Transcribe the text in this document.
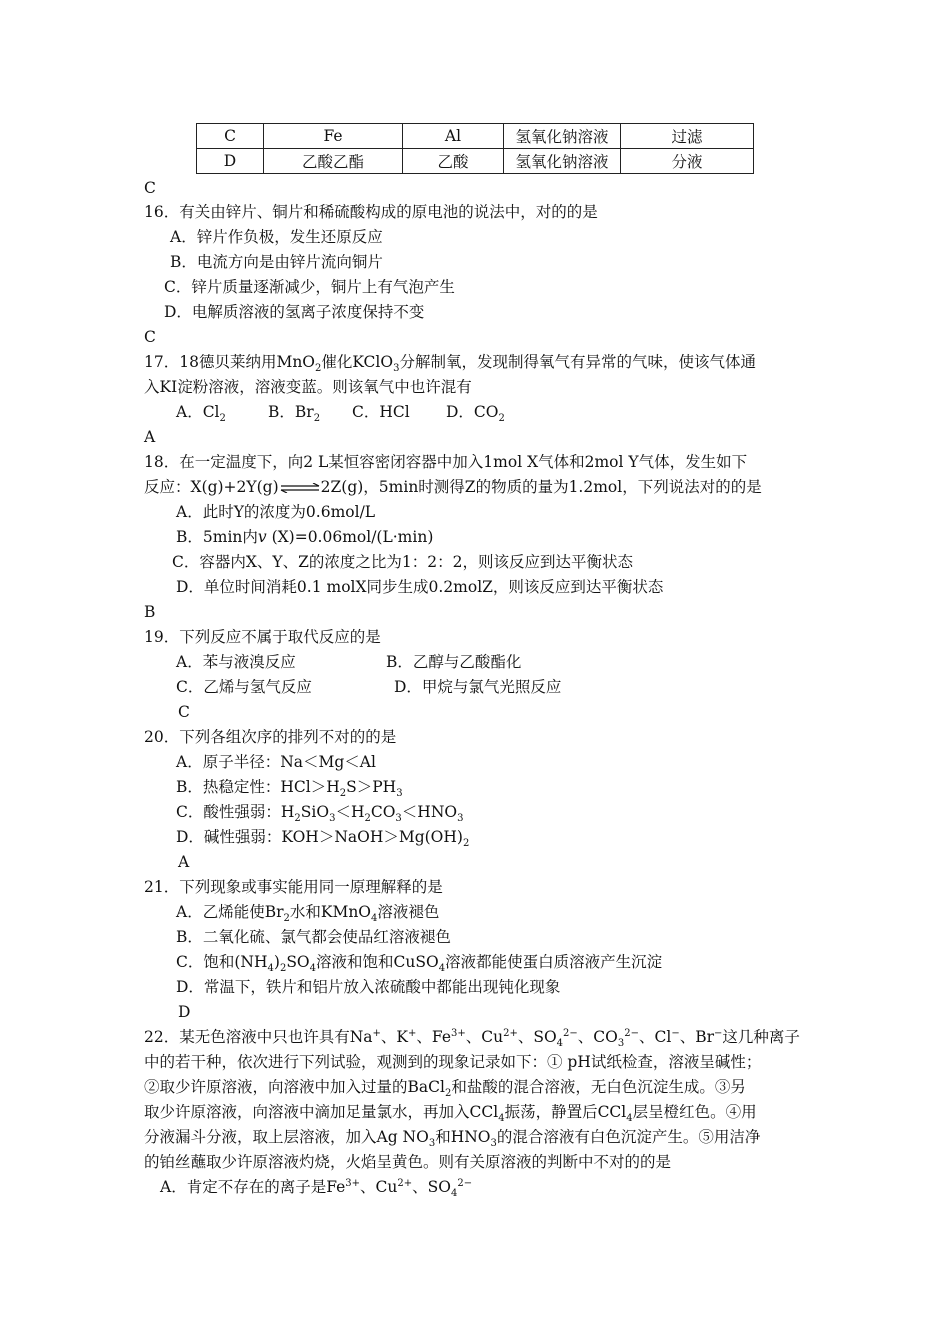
C	Fe	Al	氢氧化钠溶液	过滤
D	乙酸乙酯	乙酸	氢氧化钠溶液	分液
C
16．有关由锌片、铜片和稀硫酸构成的原电池的说法中，对的的是
A．锌片作负极，发生还原反应
B．电流方向是由锌片流向铜片
C．锌片质量逐渐减少，铜片上有气泡产生
D．电解质溶液的氢离子浓度保持不变
C
17．18德贝莱纳用MnO$_2$催化KClO$_3$分解制氧，发现制得氧气有异常的气味，使该气体通
入KI淀粉溶液，溶液变蓝。则该氧气中也许混有
A．$Cl_2$	B．$Br_2$ C．HCl D．$CO_2$
A
18．在一定温度下，向2 L某恒容密闭容器中加入1mol X气体和2mol Y气体，发生如下
反应：X(g)+2Y(g)⇌2Z(g)，5min时测得Z的物质的量为1.2mol，下列说法对的的是
A．此时Y的浓度为0.6mol/L
B．5min内v (X)=0.06mol/(L·min)
C．容器内X、Y、Z的浓度之比为1：2：2，则该反应到达平衡状态
D．单位时间消耗0.1 molX同步生成0.2molZ，则该反应到达平衡状态
B
19．下列反应不属于取代反应的是
A．苯与液溴反应	B．乙醇与乙酸酯化
C．乙烯与氢气反应	D．甲烷与氯气光照反应
C
20．下列各组次序的排列不对的的是
A．原子半径：Na＜Mg＜Al
B．热稳定性：$HCl>H_2S>PH_3$
C．酸性强弱：$H_2SiO_3<H_2CO_3<HNO_3$
D．碱性强弱：$KOH>NaOH>Mg(OH)_2$
A
21．下列现象或事实能用同一原理解释的是
A．乙烯能使$Br_2$水和KMnO$_4$溶液褪色
B．二氧化硫、氯气都会使品红溶液褪色
C．饱和$(NH_4)_2SO_4$溶液和饱和CuSO$_4$溶液都能使蛋白质溶液产生沉淀
D．常温下，铁片和铝片放入浓硫酸中都能出现钝化现象
D
22．某无色溶液中只也许具有Na+、K+、$Fe^{3+}$、$Cu^{2+}$、$SO_4^{2-}$、$CO_3^{2-}$、Cl−、Br−这几种离子
中的若干种，依次进行下列试验，观测到的现象记录如下：① pH试纸检查，溶液呈碱性；
②取少许原溶液，向溶液中加入过量的BaCl$_2$和盐酸的混合溶液，无白色沉淀生成。③另
取少许原溶液，向溶液中滴加足量氯水，再加入CCl$_4$振荡，静置后CCl$_4$层呈橙红色。④用
分液漏斗分液，取上层溶液，加入Ag $NO_3$和$HNO_3$的混合溶液有白色沉淀产生。⑤用洁净
的铂丝蘸取少许原溶液灼烧，火焰呈黄色。则有关原溶液的判断中不对的的是
A．肯定不存在的离子是$Fe^{3+}$、$Cu^{2+}$、$SO_4^{2-}$
